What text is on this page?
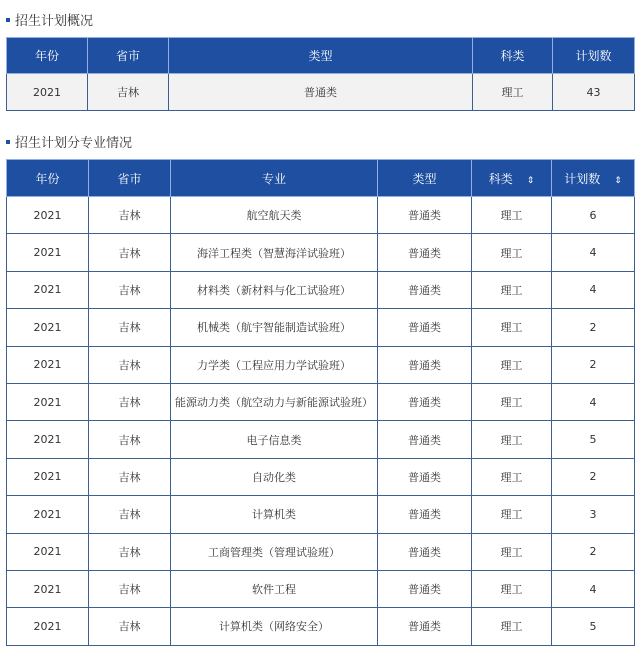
招生计划概况
年份	省市	类型	科类	计划数
2021	吉林	普通类	理工	43
招生计划分专业情况
年份	省市	专业	类型	科类 ⇕	计划数 ⇕
2021	吉林	航空航天类	普通类	理工	6
2021	吉林	海洋工程类（智慧海洋试验班）	普通类	理工	4
2021	吉林	材料类（新材料与化工试验班）	普通类	理工	4
2021	吉林	机械类（航宇智能制造试验班）	普通类	理工	2
2021	吉林	力学类（工程应用力学试验班）	普通类	理工	2
2021	吉林	能源动力类（航空动力与新能源试验班）	普通类	理工	4
2021	吉林	电子信息类	普通类	理工	5
2021	吉林	自动化类	普通类	理工	2
2021	吉林	计算机类	普通类	理工	3
2021	吉林	工商管理类（管理试验班）	普通类	理工	2
2021	吉林	软件工程	普通类	理工	4
2021	吉林	计算机类（网络安全）	普通类	理工	5
